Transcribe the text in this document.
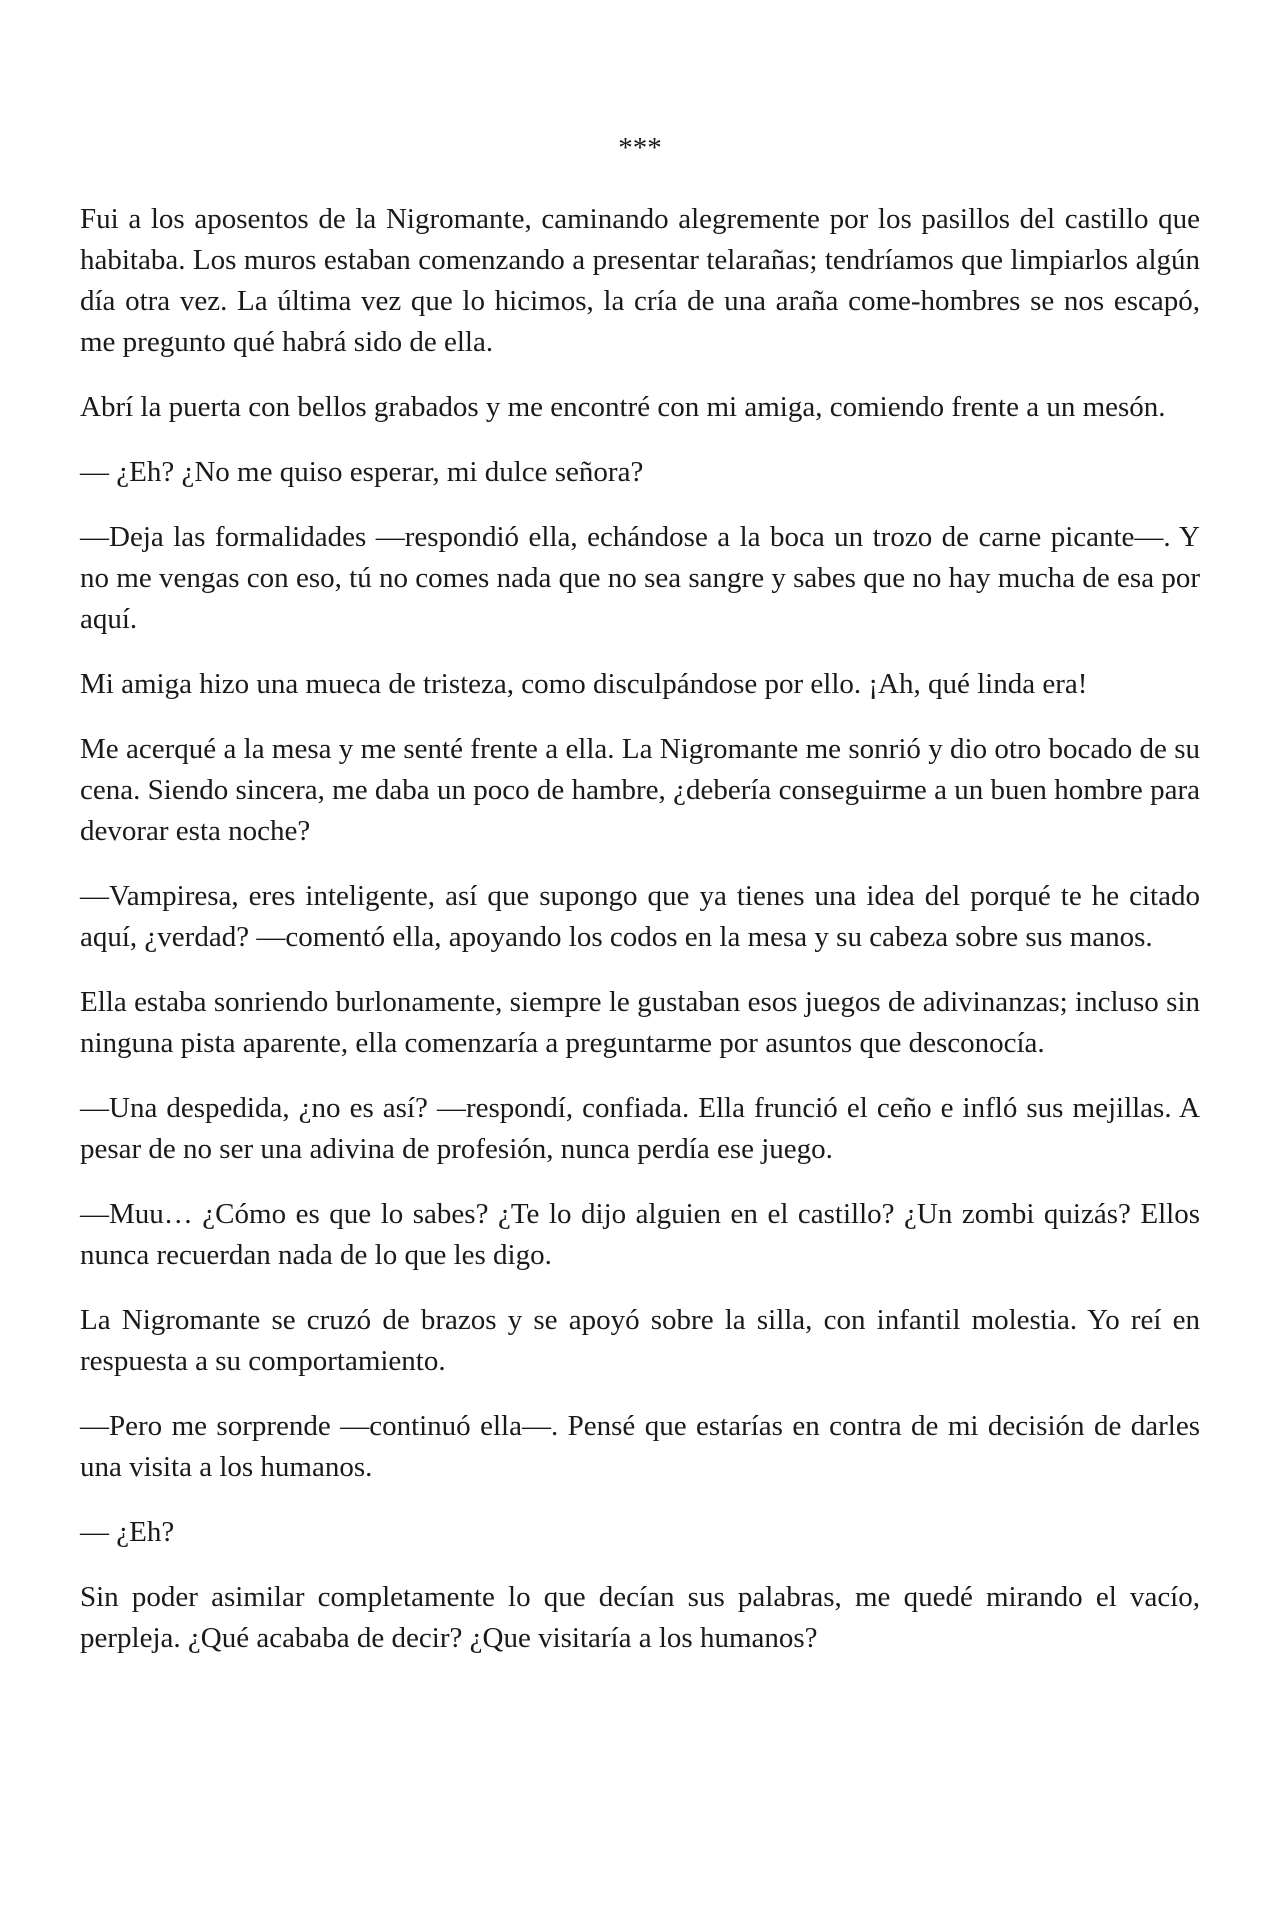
***

Fui a los aposentos de la Nigromante, caminando alegremente por los pasillos del castillo que habitaba. Los muros estaban comenzando a presentar telarañas; tendríamos que limpiarlos algún día otra vez. La última vez que lo hicimos, la cría de una araña come-hombres se nos escapó, me pregunto qué habrá sido de ella.

Abrí la puerta con bellos grabados y me encontré con mi amiga, comiendo frente a un mesón.

— ¿Eh? ¿No me quiso esperar, mi dulce señora?

—Deja las formalidades —respondió ella, echándose a la boca un trozo de carne picante—. Y no me vengas con eso, tú no comes nada que no sea sangre y sabes que no hay mucha de esa por aquí.

Mi amiga hizo una mueca de tristeza, como disculpándose por ello. ¡Ah, qué linda era!

Me acerqué a la mesa y me senté frente a ella. La Nigromante me sonrió y dio otro bocado de su cena. Siendo sincera, me daba un poco de hambre, ¿debería conseguirme a un buen hombre para devorar esta noche?

—Vampiresa, eres inteligente, así que supongo que ya tienes una idea del porqué te he citado aquí, ¿verdad? —comentó ella, apoyando los codos en la mesa y su cabeza sobre sus manos.

Ella estaba sonriendo burlonamente, siempre le gustaban esos juegos de adivinanzas; incluso sin ninguna pista aparente, ella comenzaría a preguntarme por asuntos que desconocía.

—Una despedida, ¿no es así? —respondí, confiada. Ella frunció el ceño e infló sus mejillas. A pesar de no ser una adivina de profesión, nunca perdía ese juego.

—Muu… ¿Cómo es que lo sabes? ¿Te lo dijo alguien en el castillo? ¿Un zombi quizás? Ellos nunca recuerdan nada de lo que les digo.

La Nigromante se cruzó de brazos y se apoyó sobre la silla, con infantil molestia. Yo reí en respuesta a su comportamiento.

—Pero me sorprende —continuó ella—. Pensé que estarías en contra de mi decisión de darles una visita a los humanos.

— ¿Eh?

Sin poder asimilar completamente lo que decían sus palabras, me quedé mirando el vacío, perpleja. ¿Qué acababa de decir? ¿Que visitaría a los humanos?
